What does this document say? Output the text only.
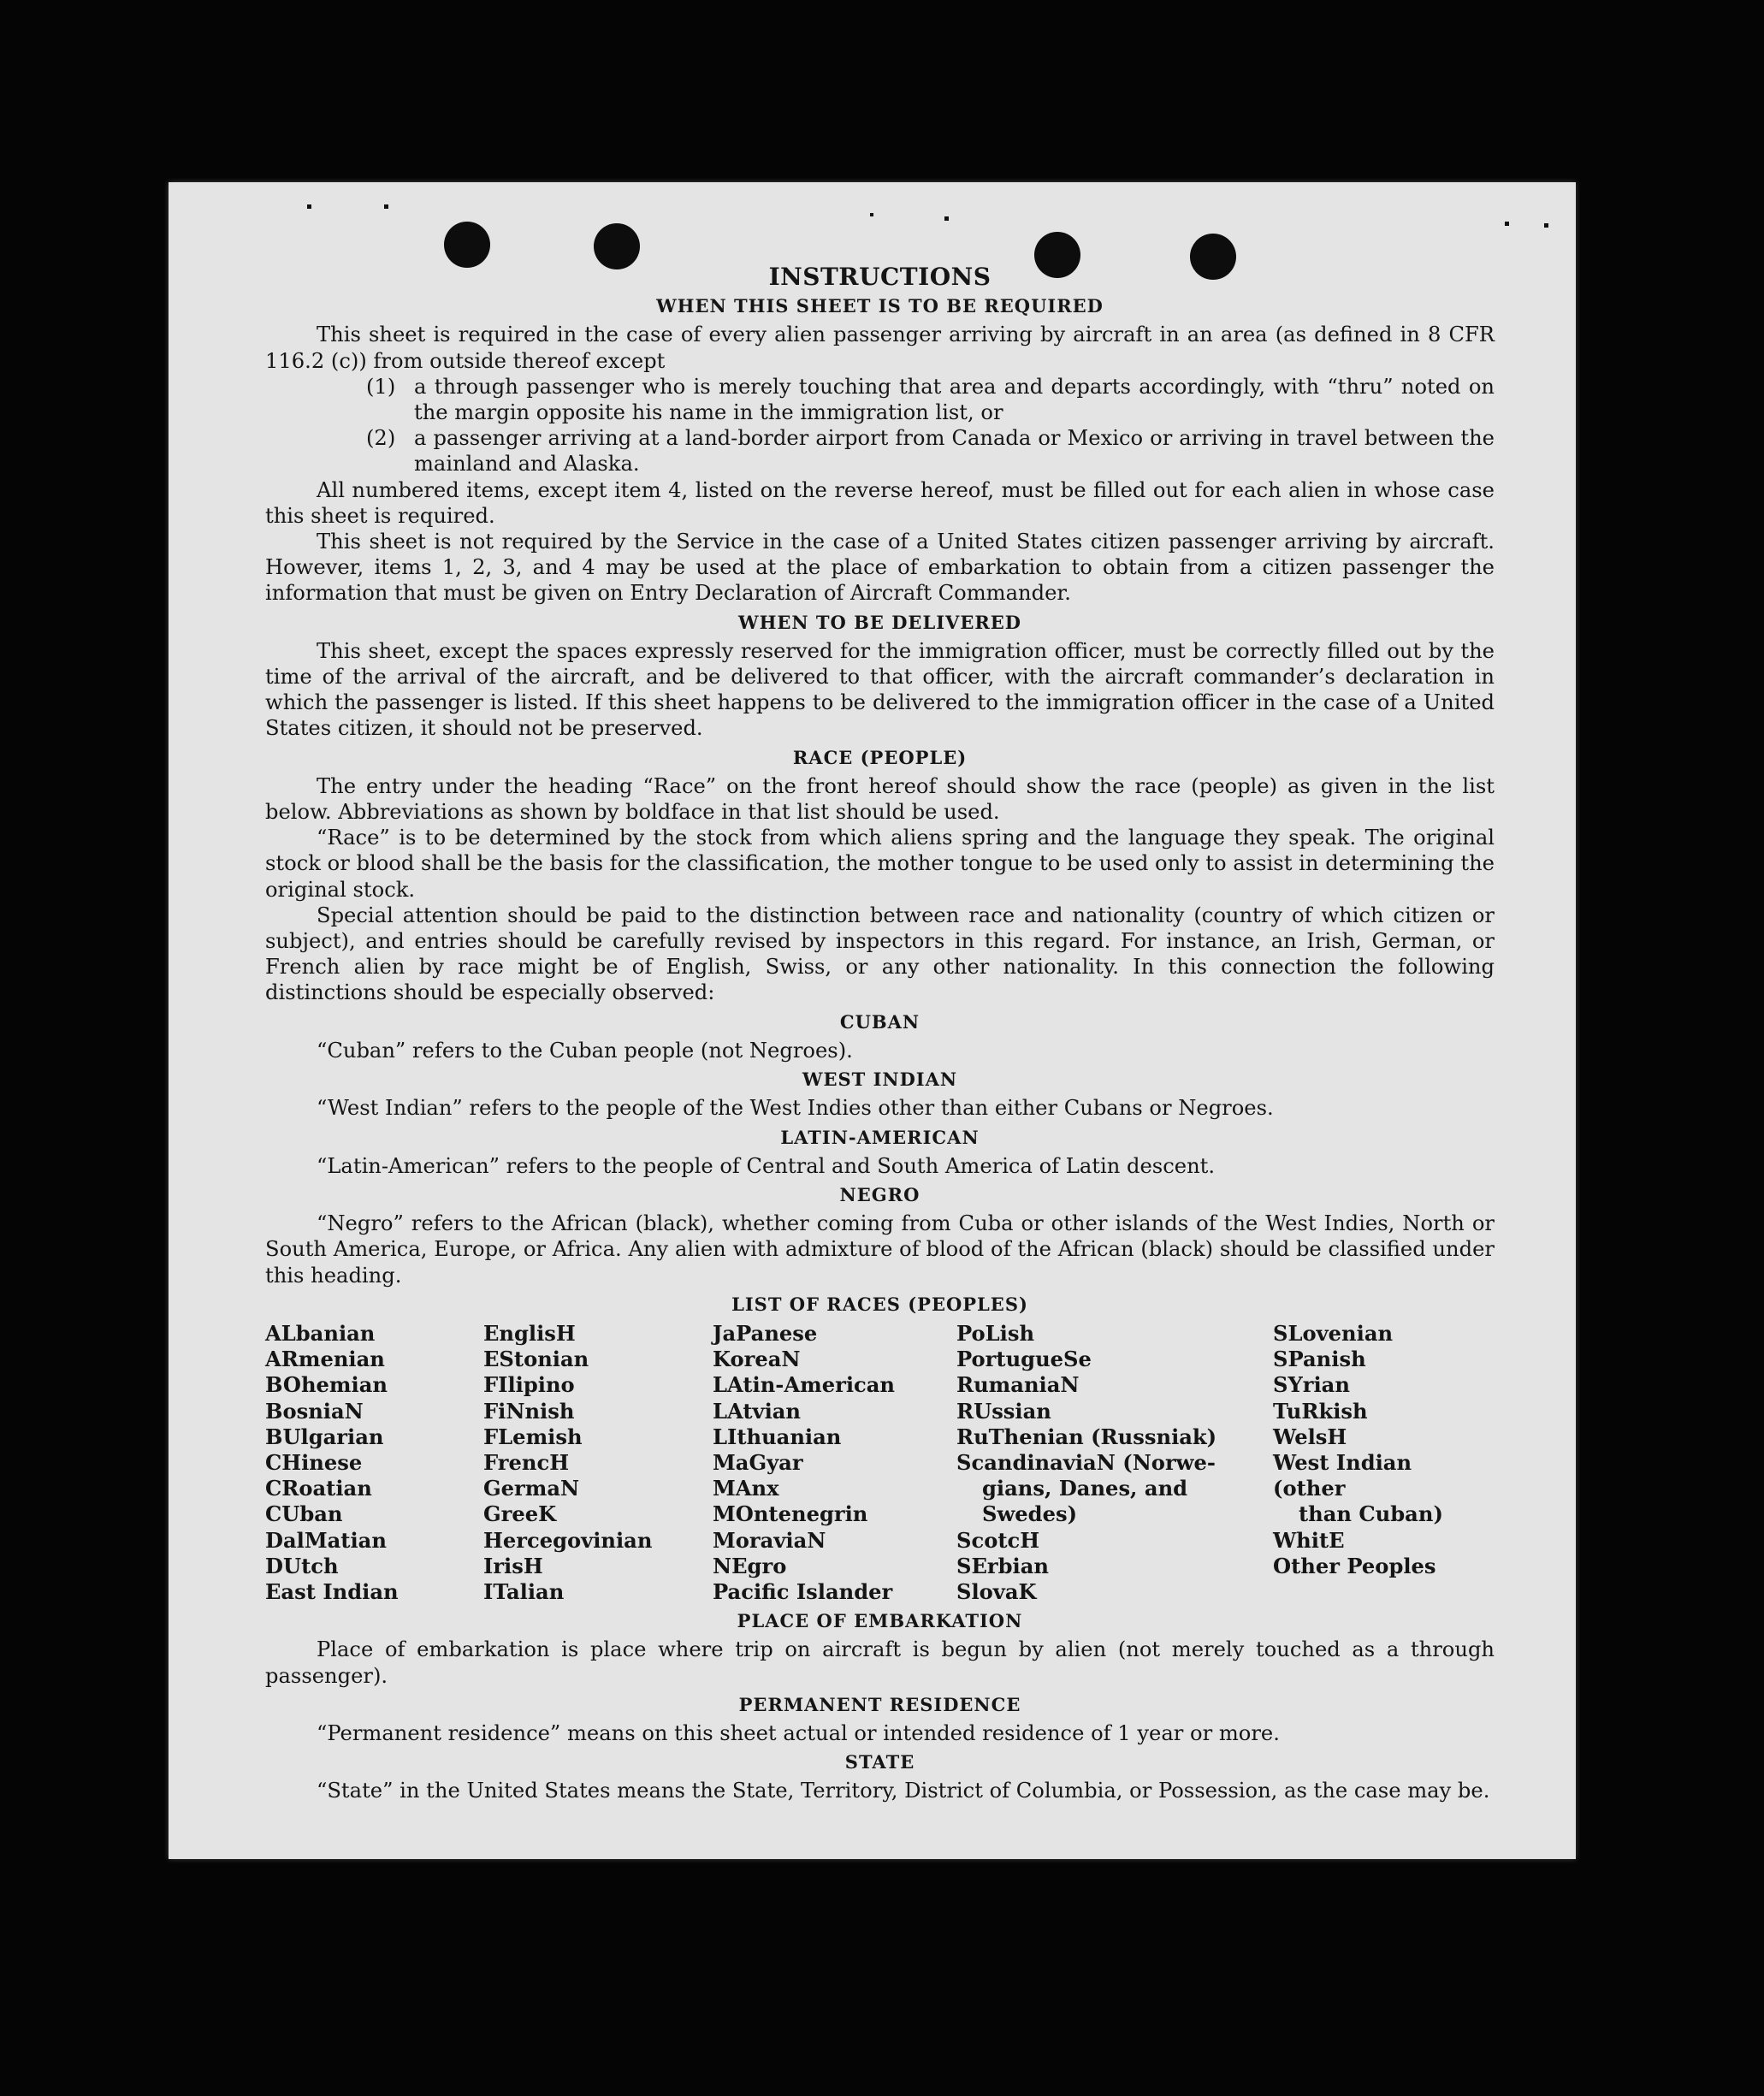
INSTRUCTIONS
WHEN THIS SHEET IS TO BE REQUIRED

This sheet is required in the case of every alien passenger arriving by aircraft in an area (as defined in 8 CFR 116.2 (c)) from outside thereof except

(1) a through passenger who is merely touching that area and departs accordingly, with “thru” noted on the margin opposite his name in the immigration list, or
(2) a passenger arriving at a land-border airport from Canada or Mexico or arriving in travel between the mainland and Alaska.

All numbered items, except item 4, listed on the reverse hereof, must be filled out for each alien in whose case this sheet is required.

This sheet is not required by the Service in the case of a United States citizen passenger arriving by aircraft. However, items 1, 2, 3, and 4 may be used at the place of embarkation to obtain from a citizen passenger the information that must be given on Entry Declaration of Aircraft Commander.

WHEN TO BE DELIVERED

This sheet, except the spaces expressly reserved for the immigration officer, must be correctly filled out by the time of the arrival of the aircraft, and be delivered to that officer, with the aircraft commander’s declaration in which the passenger is listed. If this sheet happens to be delivered to the immigration officer in the case of a United States citizen, it should not be preserved.

RACE (PEOPLE)

The entry under the heading “Race” on the front hereof should show the race (people) as given in the list below. Abbreviations as shown by boldface in that list should be used.

“Race” is to be determined by the stock from which aliens spring and the language they speak. The original stock or blood shall be the basis for the classification, the mother tongue to be used only to assist in determining the original stock.

Special attention should be paid to the distinction between race and nationality (country of which citizen or subject), and entries should be carefully revised by inspectors in this regard. For instance, an Irish, German, or French alien by race might be of English, Swiss, or any other nationality. In this connection the following distinctions should be especially observed:

CUBAN

“Cuban” refers to the Cuban people (not Negroes).

WEST INDIAN

“West Indian” refers to the people of the West Indies other than either Cubans or Negroes.

LATIN-AMERICAN

“Latin-American” refers to the people of Central and South America of Latin descent.

NEGRO

“Negro” refers to the African (black), whether coming from Cuba or other islands of the West Indies, North or South America, Europe, or Africa. Any alien with admixture of blood of the African (black) should be classified under this heading.

LIST OF RACES (PEOPLES)
ALbanian
ARmenian
BOhemian
BosniaN
BUlgarian
CHinese
CRoatian
CUban
DalMatian
DUtch
East Indian
EnglisH
EStonian
FIlipino
FiNnish
FLemish
FrencH
GermaN
GreeK
Hercegovinian
IrisH
ITalian
JaPanese
KoreaN
LAtin-American
LAtvian
LIthuanian
MaGyar
MAnx
MOntenegrin
MoraviaN
NEgro
Pacific Islander
PoLish
PortugueSe
RumaniaN
RUssian
RuThenian (Russniak)
ScandinaviaN (Norwe-
gians, Danes, and
Swedes)
ScotcH
SErbian
SlovaK
SLovenian
SPanish
SYrian
TuRkish
WelsH
West Indian (other
than Cuban)
WhitE
Other Peoples
PLACE OF EMBARKATION

Place of embarkation is place where trip on aircraft is begun by alien (not merely touched as a through passenger).

PERMANENT RESIDENCE

“Permanent residence” means on this sheet actual or intended residence of 1 year or more.

STATE

“State” in the United States means the State, Territory, District of Columbia, or Possession, as the case may be.
